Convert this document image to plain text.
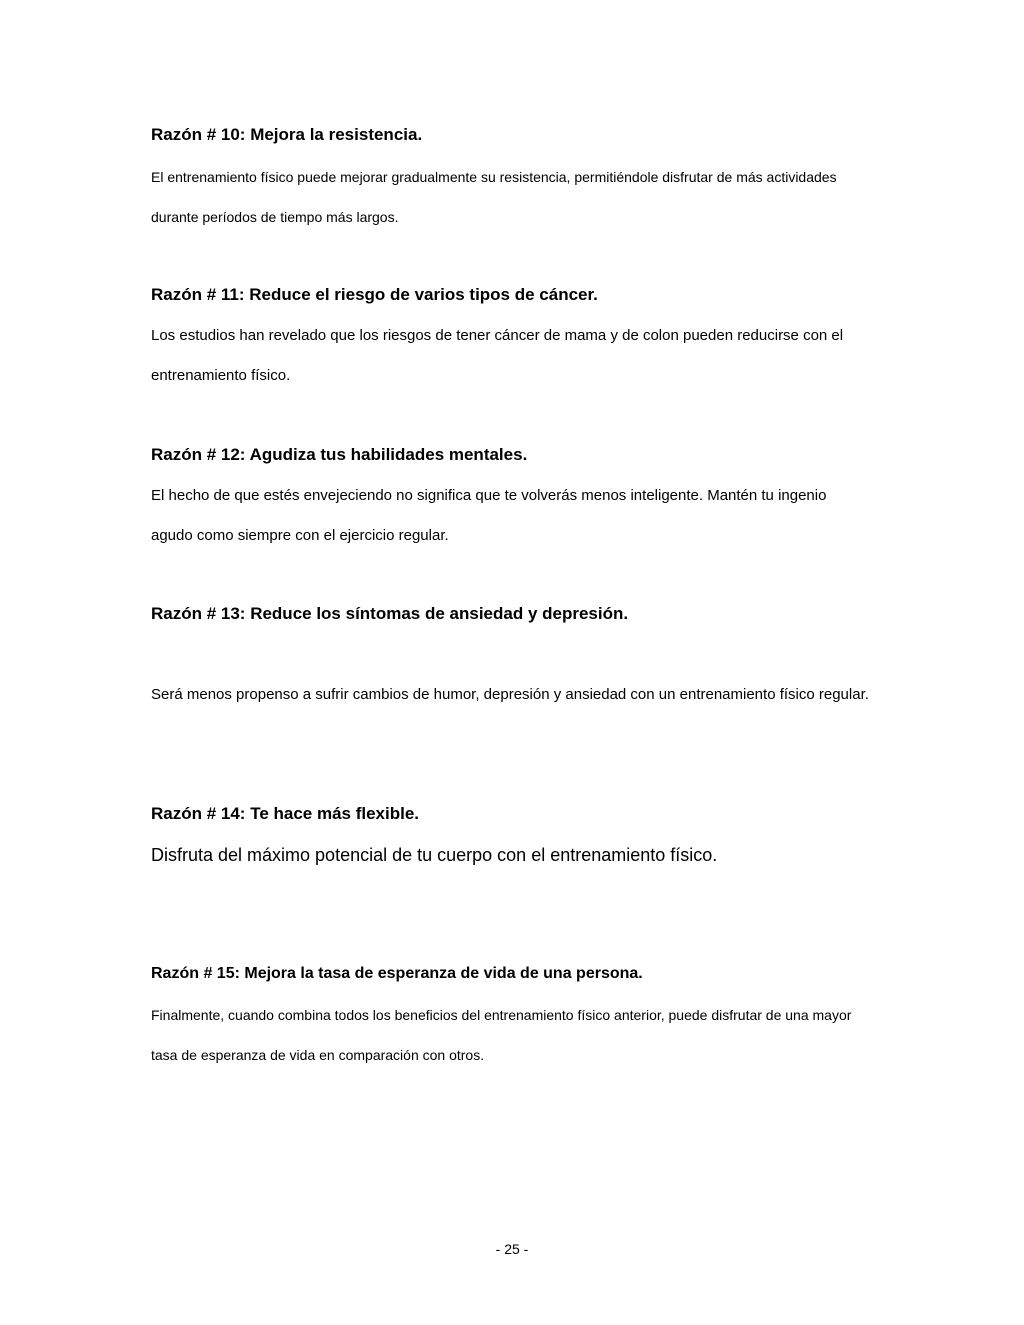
Razón # 10: Mejora la resistencia.

El entrenamiento físico puede mejorar gradualmente su resistencia, permitiéndole disfrutar de más actividades durante períodos de tiempo más largos.

Razón # 11: Reduce el riesgo de varios tipos de cáncer.

Los estudios han revelado que los riesgos de tener cáncer de mama y de colon pueden reducirse con el entrenamiento físico.

Razón # 12: Agudiza tus habilidades mentales.

El hecho de que estés envejeciendo no significa que te volverás menos inteligente. Mantén tu ingenio agudo como siempre con el ejercicio regular.

Razón # 13: Reduce los síntomas de ansiedad y depresión.

Será menos propenso a sufrir cambios de humor, depresión y ansiedad con un entrenamiento físico regular.

Razón # 14: Te hace más flexible.

Disfruta del máximo potencial de tu cuerpo con el entrenamiento físico.

Razón # 15: Mejora la tasa de esperanza de vida de una persona.

Finalmente, cuando combina todos los beneficios del entrenamiento físico anterior, puede disfrutar de una mayor tasa de esperanza de vida en comparación con otros.

- 25 -
